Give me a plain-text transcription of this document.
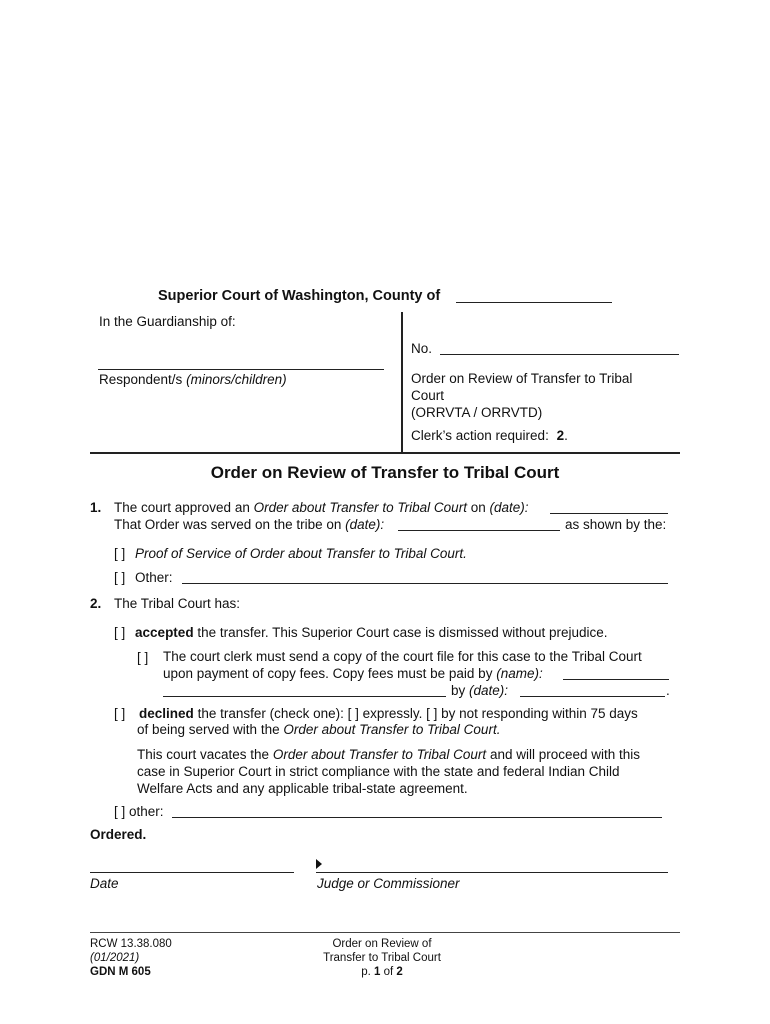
Superior Court of Washington, County of
In the Guardianship of:
Respondent/s (minors/children)
No.
Order on Review of Transfer to Tribal
Court
(ORRVTA / ORRVTD)
Clerk’s action required: 2.
Order on Review of Transfer to Tribal Court
1. The court approved an Order about Transfer to Tribal Court on (date):
That Order was served on the tribe on (date):	as shown by the:
[ ] Proof of Service of Order about Transfer to Tribal Court.
[ ] Other:
2. The Tribal Court has:
[ ] accepted the transfer. This Superior Court case is dismissed without prejudice.
[ ] The court clerk must send a copy of the court file for this case to the Tribal Court
upon payment of copy fees. Copy fees must be paid by (name):
by (date):	.
[ ] declined the transfer (check one): [ ] expressly. [ ] by not responding within 75 days
of being served with the Order about Transfer to Tribal Court.
This court vacates the Order about Transfer to Tribal Court and will proceed with this
case in Superior Court in strict compliance with the state and federal Indian Child
Welfare Acts and any applicable tribal-state agreement.
[ ] other:
Ordered.
Date	Judge or Commissioner
RCW 13.38.080
(01/2021)
GDN M 605
Order on Review of
Transfer to Tribal Court
p. 1 of 2
